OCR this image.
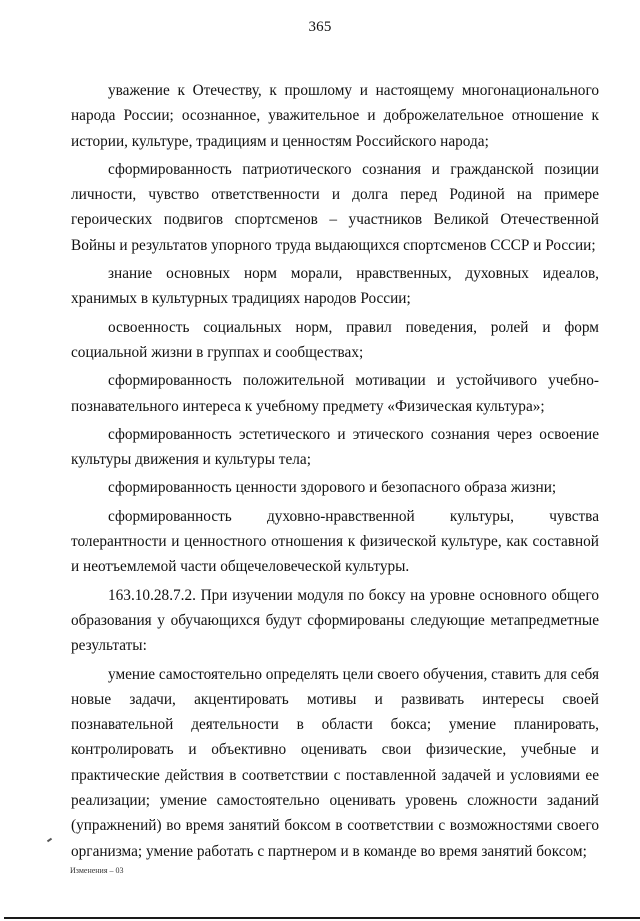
365

уважение к Отечеству, к прошлому и настоящему многонационального народа России; осознанное, уважительное и доброжелательное отношение к истории, культуре, традициям и ценностям Российского народа;

сформированность патриотического сознания и гражданской позиции личности, чувство ответственности и долга перед Родиной на примере героических подвигов спортсменов – участников Великой Отечественной Войны и результатов упорного труда выдающихся спортсменов СССР и России;

знание основных норм морали, нравственных, духовных идеалов, хранимых в культурных традициях народов России;

освоенность социальных норм, правил поведения, ролей и форм социальной жизни в группах и сообществах;

сформированность положительной мотивации и устойчивого учебно-познавательного интереса к учебному предмету «Физическая культура»;

сформированность эстетического и этического сознания через освоение культуры движения и культуры тела;

сформированность ценности здорового и безопасного образа жизни;

сформированность духовно-нравственной культуры, чувства толерантности и ценностного отношения к физической культуре, как составной и неотъемлемой части общечеловеческой культуры.

163.10.28.7.2. При изучении модуля по боксу на уровне основного общего образования у обучающихся будут сформированы следующие метапредметные результаты:

умение самостоятельно определять цели своего обучения, ставить для себя новые задачи, акцентировать мотивы и развивать интересы своей познавательной деятельности в области бокса; умение планировать, контролировать и объективно оценивать свои физические, учебные и практические действия в соответствии с поставленной задачей и условиями ее реализации; умение самостоятельно оценивать уровень сложности заданий (упражнений) во время занятий боксом в соответствии с возможностями своего организма; умение работать с партнером и в команде во время занятий боксом;

Изменения – 03
